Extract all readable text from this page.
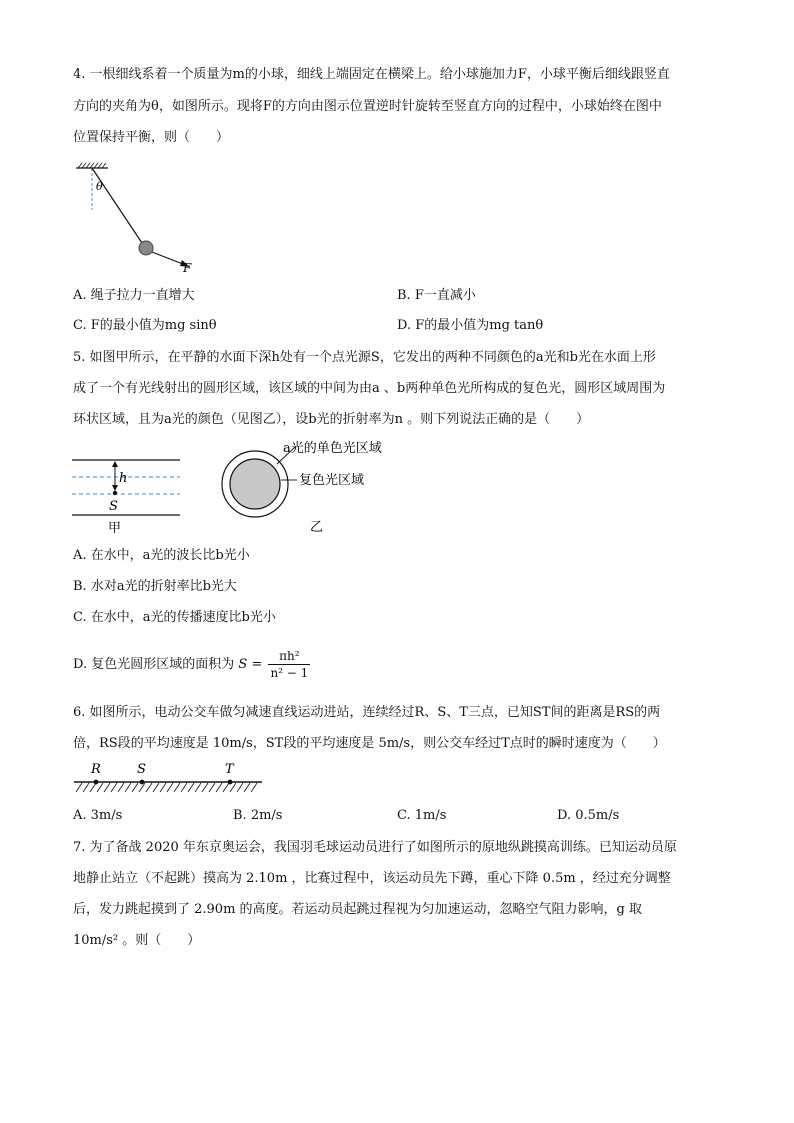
4. 一根细线系着一个质量为m的小球，细线上端固定在横梁上。给小球施加力F，小球平衡后细线跟竖直
方向的夹角为θ，如图所示。现将F的方向由图示位置逆时针旋转至竖直方向的过程中，小球始终在图中
位置保持平衡，则（　　）
θ
F
A. 绳子拉力一直增大	B. F一直减小
C. F的最小值为mg sinθ	D. F的最小值为mg tanθ
5. 如图甲所示，在平静的水面下深h处有一个点光源S，它发出的两种不同颜色的a光和b光在水面上形
成了一个有光线射出的圆形区域，该区域的中间为由a 、b两种单色光所构成的复色光，圆形区域周围为
环状区域，且为a光的颜色（见图乙），设b光的折射率为n 。则下列说法正确的是（　　）
h
S
甲
a光的单色光区域
复色光区域
乙
A. 在水中，a光的波长比b光小
B. 水对a光的折射率比b光大
C. 在水中，a光的传播速度比b光小
D. 复色光圆形区域的面积为 $S = \frac{\text{πh²}}{\text{n² − 1}}$
6. 如图所示，电动公交车做匀减速直线运动进站，连续经过R、S、T三点，已知ST间的距离是RS的两
倍，RS段的平均速度是 10m/s，ST段的平均速度是 5m/s，则公交车经过T点时的瞬时速度为（　　）
R	S	T
A. 3m/s	B. 2m/s	C. 1m/s	D. 0.5m/s
7. 为了备战 2020 年东京奥运会，我国羽毛球运动员进行了如图所示的原地纵跳摸高训练。已知运动员原
地静止站立（不起跳）摸高为 2.10m ，比赛过程中，该运动员先下蹲，重心下降 0.5m ，经过充分调整
后，发力跳起摸到了 2.90m 的高度。若运动员起跳过程视为匀加速运动，忽略空气阻力影响，g 取
10m/s² 。则（　　）
